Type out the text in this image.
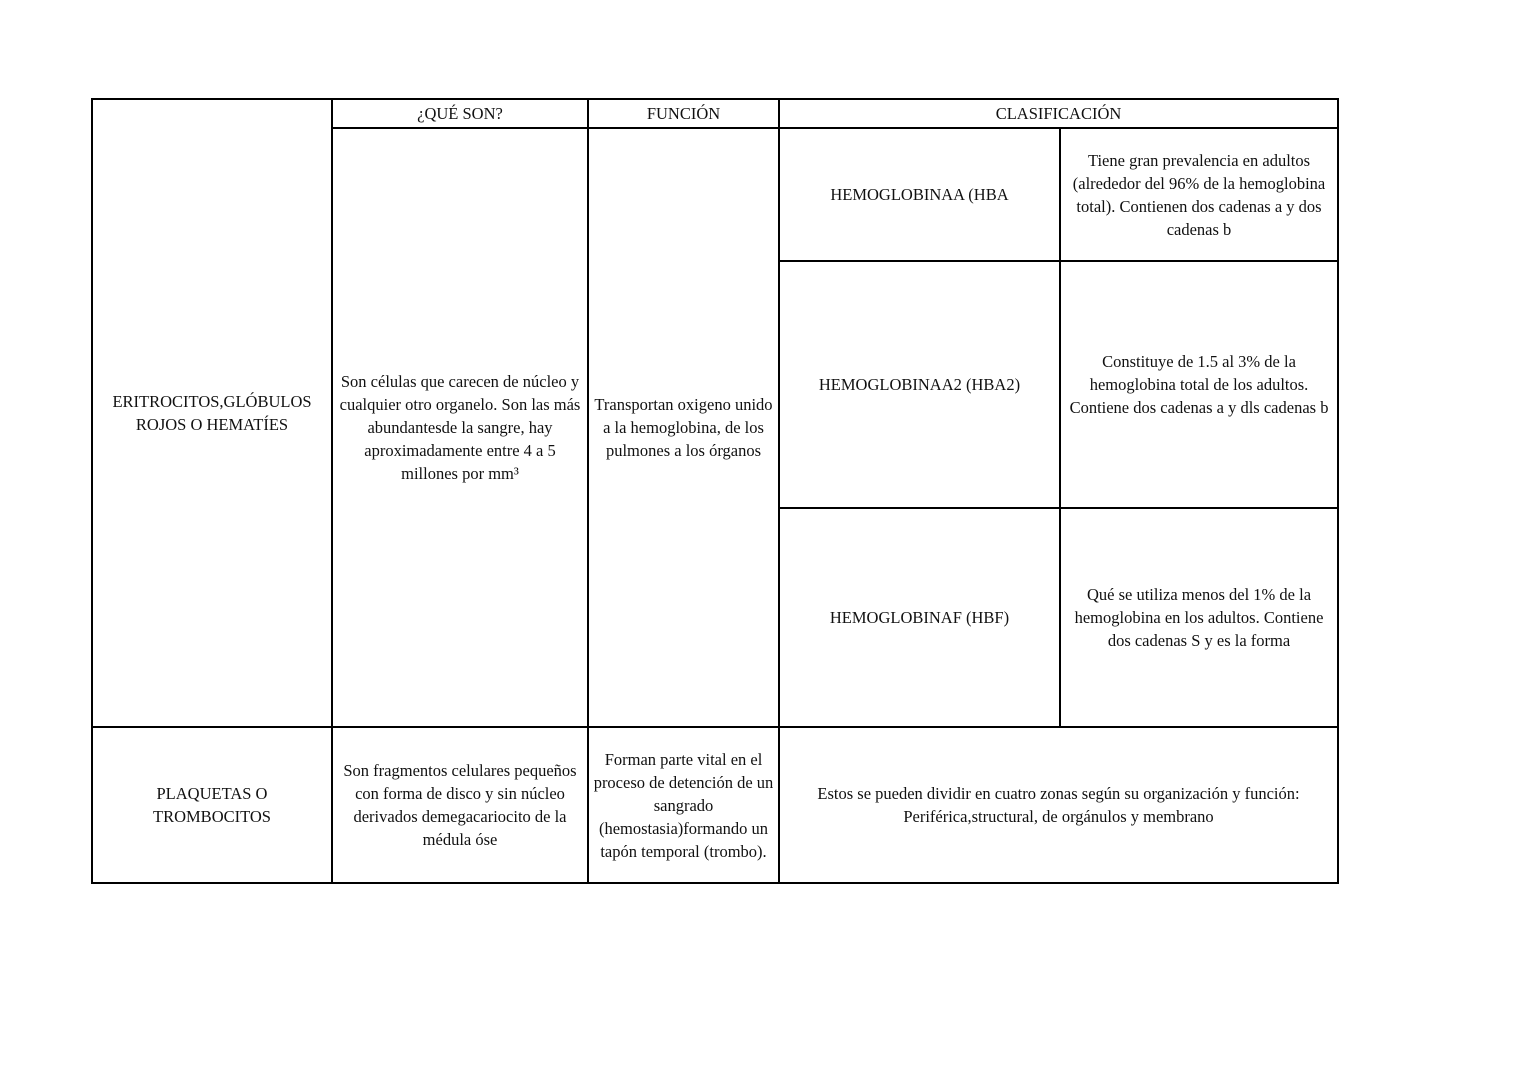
ERITROCITOS,GLÓBULOS ROJOS O HEMATÍES	¿QUÉ SON?	FUNCIÓN	CLASIFICACIÓN	
	Son células que carecen de núcleo y cualquier otro organelo. Son las más abundantesde la sangre, hay aproximadamente entre 4 a 5 millones por mm³	Transportan oxigeno unido a la hemoglobina, de los pulmones a los órganos	HEMOGLOBINAA (HBA	Tiene gran prevalencia en adultos (alrededor del 96% de la hemoglobina total). Contienen dos cadenas a y dos cadenas b
			HEMOGLOBINAA2 (HBA2)	Constituye de 1.5 al 3% de la hemoglobina total de los adultos. Contiene dos cadenas a y dls cadenas b
			HEMOGLOBINAF (HBF)	Qué se utiliza menos del 1% de la hemoglobina en los adultos. Contiene dos cadenas S y es la forma
PLAQUETAS O TROMBOCITOS	Son fragmentos celulares pequeños con forma de disco y sin núcleo derivados demegacariocito de la médula óse	Forman parte vital en el proceso de detención de un sangrado (hemostasia)formando un tapón temporal (trombo).	Estos se pueden dividir en cuatro zonas según su organización y función: Periférica,structural, de orgánulos y membrano	
